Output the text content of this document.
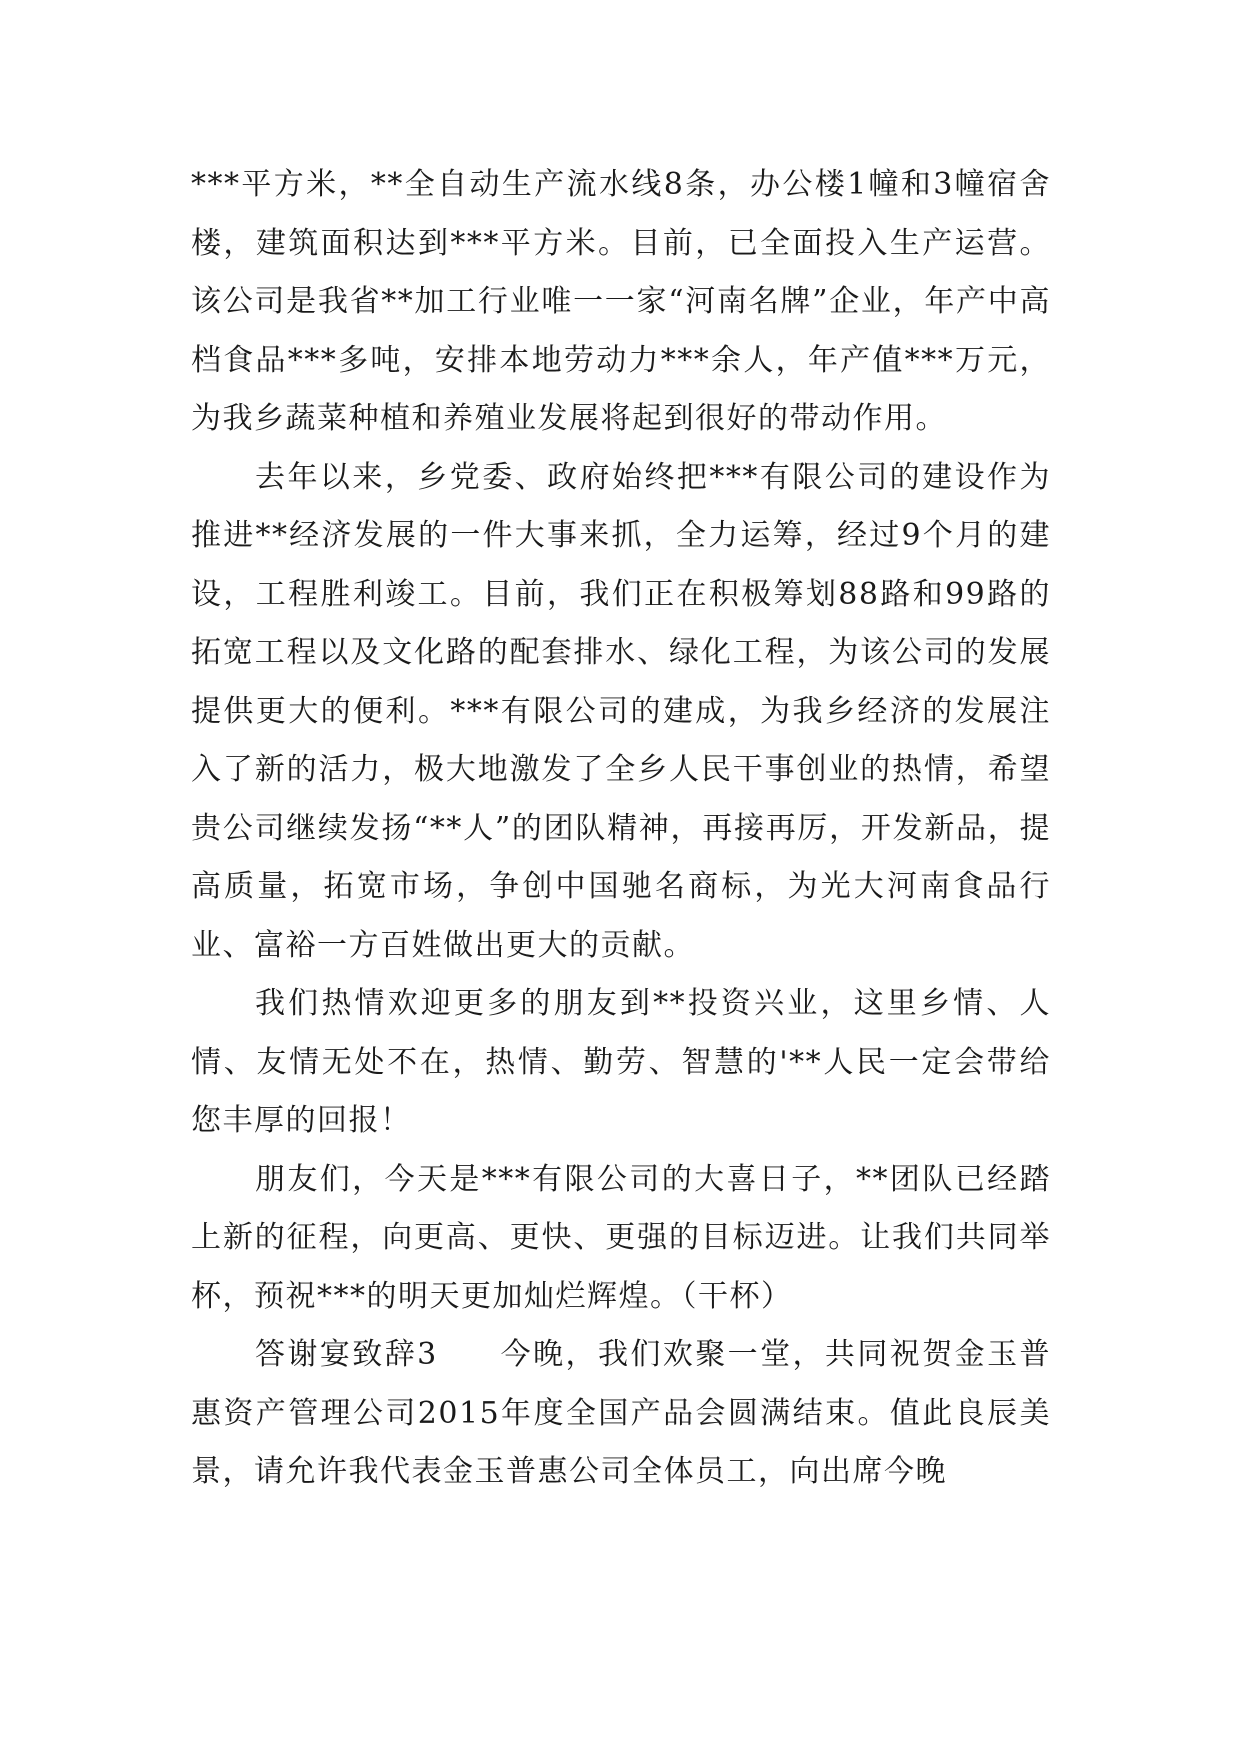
***平方米，**全自动生产流水线8条，办公楼1幢和3幢宿舍楼，建筑面积达到***平方米。目前，已全面投入生产运营。该公司是我省**加工行业唯一一家“河南名牌”企业，年产中高档食品***多吨，安排本地劳动力***余人，年产值***万元，为我乡蔬菜种植和养殖业发展将起到很好的带动作用。

去年以来，乡党委、政府始终把***有限公司的建设作为推进**经济发展的一件大事来抓，全力运筹，经过9个月的建设，工程胜利竣工。目前，我们正在积极筹划88路和99路的拓宽工程以及文化路的配套排水、绿化工程，为该公司的发展提供更大的便利。***有限公司的建成，为我乡经济的发展注入了新的活力，极大地激发了全乡人民干事创业的热情，希望贵公司继续发扬“**人”的团队精神，再接再厉，开发新品，提高质量，拓宽市场，争创中国驰名商标，为光大河南食品行业、富裕一方百姓做出更大的贡献。

我们热情欢迎更多的朋友到**投资兴业，这里乡情、人情、友情无处不在，热情、勤劳、智慧的'**人民一定会带给您丰厚的回报！

朋友们，今天是***有限公司的大喜日子，**团队已经踏上新的征程，向更高、更快、更强的目标迈进。让我们共同举杯，预祝***的明天更加灿烂辉煌。（干杯）

答谢宴致辞3 今晚，我们欢聚一堂，共同祝贺金玉普惠资产管理公司2015年度全国产品会圆满结束。值此良辰美景，请允许我代表金玉普惠公司全体员工，向出席今晚
